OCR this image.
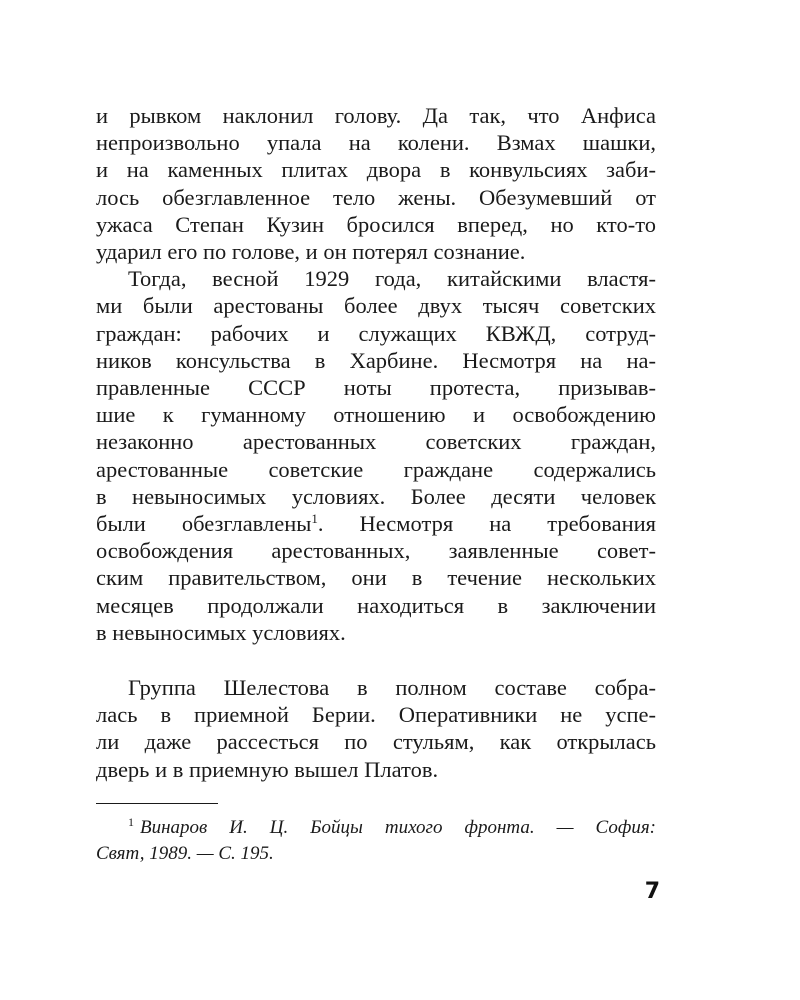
и рывком наклонил голову. Да так, что Анфиса
непроизвольно упала на колени. Взмах шашки,
и на каменных плитах двора в конвульсиях заби-
лось обезглавленное тело жены. Обезумевший от
ужаса Степан Кузин бросился вперед, но кто-то
ударил его по голове, и он потерял сознание.

Тогда, весной 1929 года, китайскими властя-
ми были арестованы более двух тысяч советских
граждан: рабочих и служащих КВЖД, сотруд-
ников консульства в Харбине. Несмотря на на-
правленные СССР ноты протеста, призывав-
шие к гуманному отношению и освобождению
незаконно арестованных советских граждан,
арестованные советские граждане содержались
в невыносимых условиях. Более десяти человек
были обезглавлены$^1$. Несмотря на требования
освобождения арестованных, заявленные совет-
ским правительством, они в течение нескольких
месяцев продолжали находиться в заключении
в невыносимых условиях.

Группа Шелестова в полном составе собра-
лась в приемной Берии. Оперативники не успе-
ли даже рассесться по стульям, как открылась
дверь и в приемную вышел Платов.

$^1$ Винаров И. Ц. Бойцы тихого фронта. — София:
Свят, 1989. — С. 195.
7
